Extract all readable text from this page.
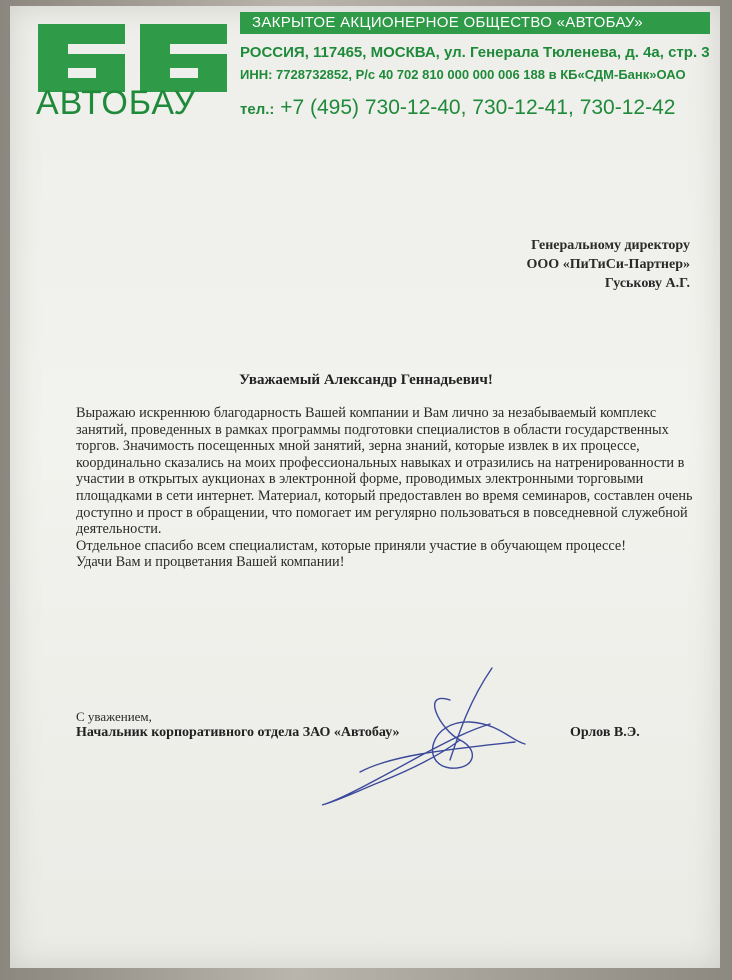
АВТОБАУ
ЗАКРЫТОЕ АКЦИОНЕРНОЕ ОБЩЕСТВО «АВТОБАУ»
РОССИЯ, 117465, МОСКВА, ул. Генерала Тюленева, д. 4а, стр. 3
ИНН: 7728732852, Р/с 40 702 810 000 000 006 188 в КБ«СДМ-Банк»ОАО
тел.: +7 (495) 730-12-40, 730-12-41, 730-12-42
Генеральному директору
ООО «ПиТиСи-Партнер»
Гуськову А.Г.
Уважаемый Александр Геннадьевич!

Выражаю искреннюю благодарность Вашей компании и Вам лично за незабываемый комплекс занятий, проведенных в рамках программы подготовки специалистов в области государственных торгов. Значимость посещенных мной занятий, зерна знаний, которые извлек в их процессе, координально сказались на моих профессиональных навыках и отразились на натренированности в участии в открытых аукционах в электронной форме, проводимых электронными торговыми площадками в сети интернет. Материал, который предоставлен во время семинаров, составлен очень доступно и прост в обращении, что помогает им регулярно пользоваться в повседневной служебной деятельности.

Отдельное спасибо всем специалистам, которые приняли участие в обучающем процессе!

Удачи Вам и процветания Вашей компании!

С уважением,
Начальник корпоративного отдела ЗАО «Автобау»	Орлов В.Э.
